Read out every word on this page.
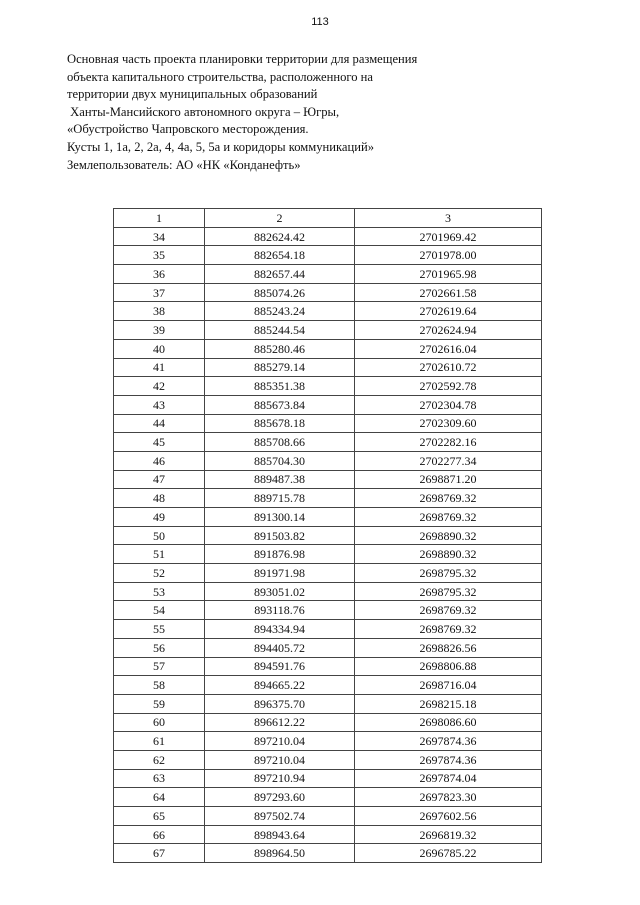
113
Основная часть проекта планировки территории для размещения
объекта капитального строительства, расположенного на
территории двух муниципальных образований
Ханты-Мансийского автономного округа – Югры,
«Обустройство Чапровского месторождения.
Кусты 1, 1а, 2, 2а, 4, 4а, 5, 5а и коридоры коммуникаций»
Землепользователь: АО «НК «Конданефть»
1	2	3
34	882624.42	2701969.42
35	882654.18	2701978.00
36	882657.44	2701965.98
37	885074.26	2702661.58
38	885243.24	2702619.64
39	885244.54	2702624.94
40	885280.46	2702616.04
41	885279.14	2702610.72
42	885351.38	2702592.78
43	885673.84	2702304.78
44	885678.18	2702309.60
45	885708.66	2702282.16
46	885704.30	2702277.34
47	889487.38	2698871.20
48	889715.78	2698769.32
49	891300.14	2698769.32
50	891503.82	2698890.32
51	891876.98	2698890.32
52	891971.98	2698795.32
53	893051.02	2698795.32
54	893118.76	2698769.32
55	894334.94	2698769.32
56	894405.72	2698826.56
57	894591.76	2698806.88
58	894665.22	2698716.04
59	896375.70	2698215.18
60	896612.22	2698086.60
61	897210.04	2697874.36
62	897210.04	2697874.36
63	897210.94	2697874.04
64	897293.60	2697823.30
65	897502.74	2697602.56
66	898943.64	2696819.32
67	898964.50	2696785.22
